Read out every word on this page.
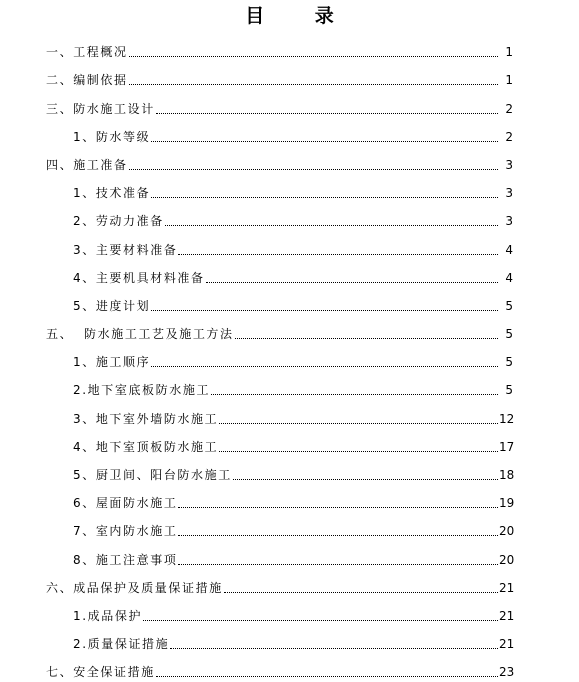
目 录
一、工程概况	1
二、编制依据	1
三、防水施工设计	2
1、防水等级	2
四、施工准备	3
1、技术准备	3
2、劳动力准备	3
3、主要材料准备	4
4、主要机具材料准备	4
5、进度计划	5
五、  防水施工工艺及施工方法	5
1、施工顺序	5
2.地下室底板防水施工	5
3、地下室外墙防水施工	12
4、地下室顶板防水施工	17
5、厨卫间、阳台防水施工	18
6、屋面防水施工	19
7、室内防水施工	20
8、施工注意事项	20
六、成品保护及质量保证措施	21
1.成品保护	21
2.质量保证措施	21
七、安全保证措施	23
